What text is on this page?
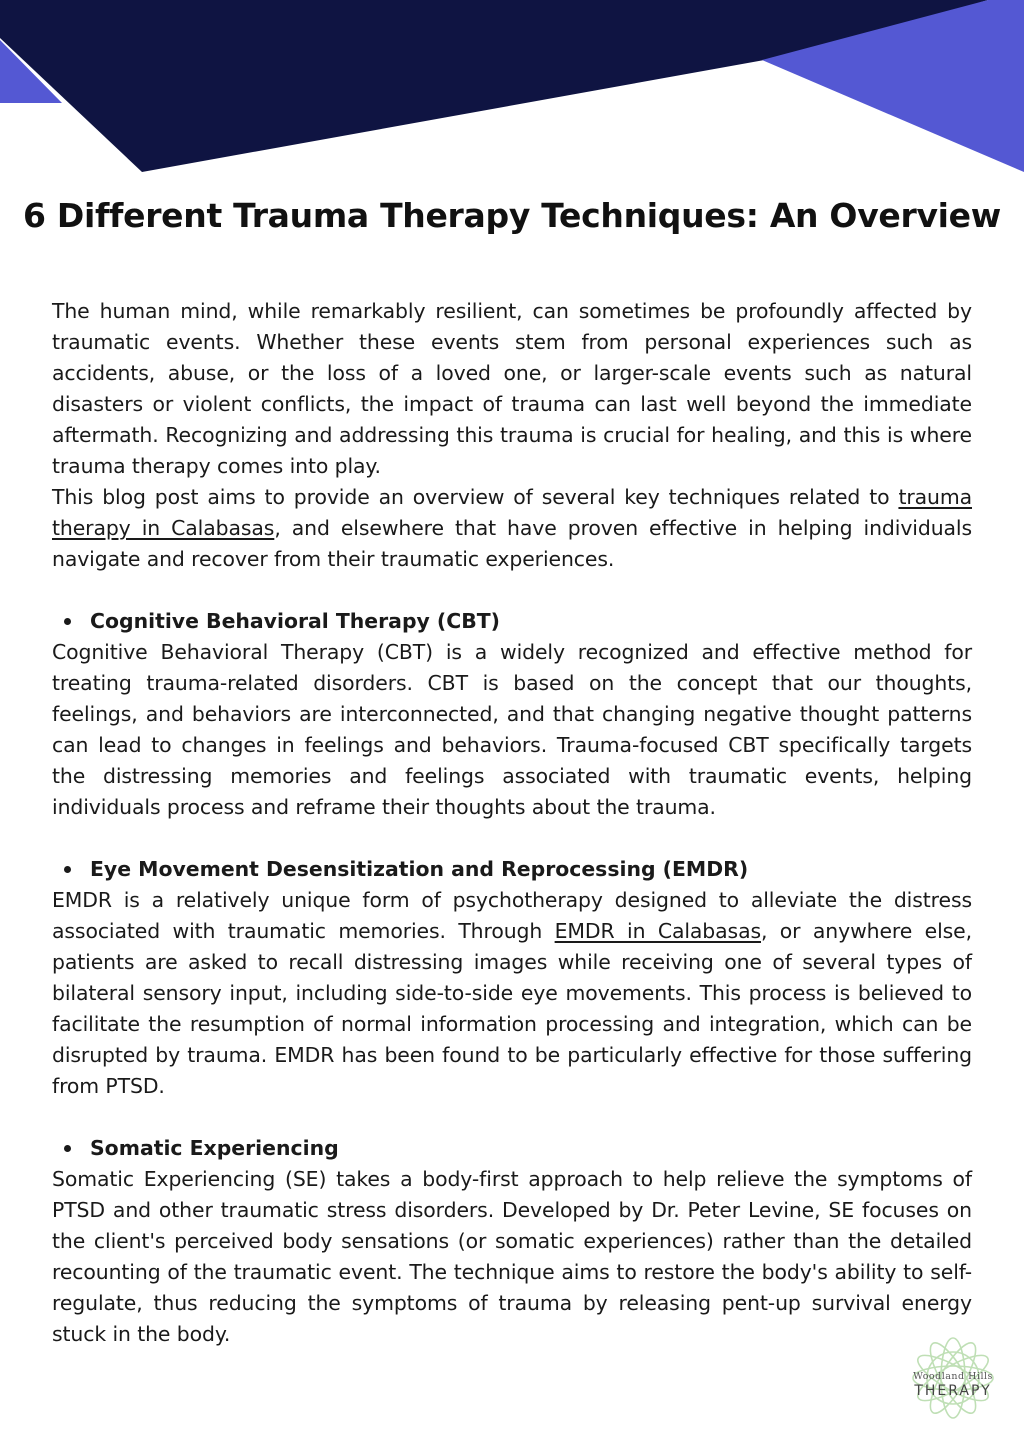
6 Different Trauma Therapy Techniques: An Overview

The human mind, while remarkably resilient, can sometimes be profoundly affected by traumatic events. Whether these events stem from personal experiences such as accidents, abuse, or the loss of a loved one, or larger-scale events such as natural disasters or violent conflicts, the impact of trauma can last well beyond the immediate aftermath. Recognizing and addressing this trauma is crucial for healing, and this is where trauma therapy comes into play.

This blog post aims to provide an overview of several key techniques related to trauma therapy in Calabasas, and elsewhere that have proven effective in helping individuals navigate and recover from their traumatic experiences.

Cognitive Behavioral Therapy (CBT)

Cognitive Behavioral Therapy (CBT) is a widely recognized and effective method for treating trauma-related disorders. CBT is based on the concept that our thoughts, feelings, and behaviors are interconnected, and that changing negative thought patterns can lead to changes in feelings and behaviors. Trauma-focused CBT specifically targets the distressing memories and feelings associated with traumatic events, helping individuals process and reframe their thoughts about the trauma.

Eye Movement Desensitization and Reprocessing (EMDR)

EMDR is a relatively unique form of psychotherapy designed to alleviate the distress associated with traumatic memories. Through EMDR in Calabasas, or anywhere else, patients are asked to recall distressing images while receiving one of several types of bilateral sensory input, including side-to-side eye movements. This process is believed to facilitate the resumption of normal information processing and integration, which can be disrupted by trauma. EMDR has been found to be particularly effective for those suffering from PTSD.

Somatic Experiencing

Somatic Experiencing (SE) takes a body-first approach to help relieve the symptoms of PTSD and other traumatic stress disorders. Developed by Dr. Peter Levine, SE focuses on the client's perceived body sensations (or somatic experiences) rather than the detailed recounting of the traumatic event. The technique aims to restore the body's ability to self-regulate, thus reducing the symptoms of trauma by releasing pent-up survival energy stuck in the body.

Woodland Hills
THERAPY
